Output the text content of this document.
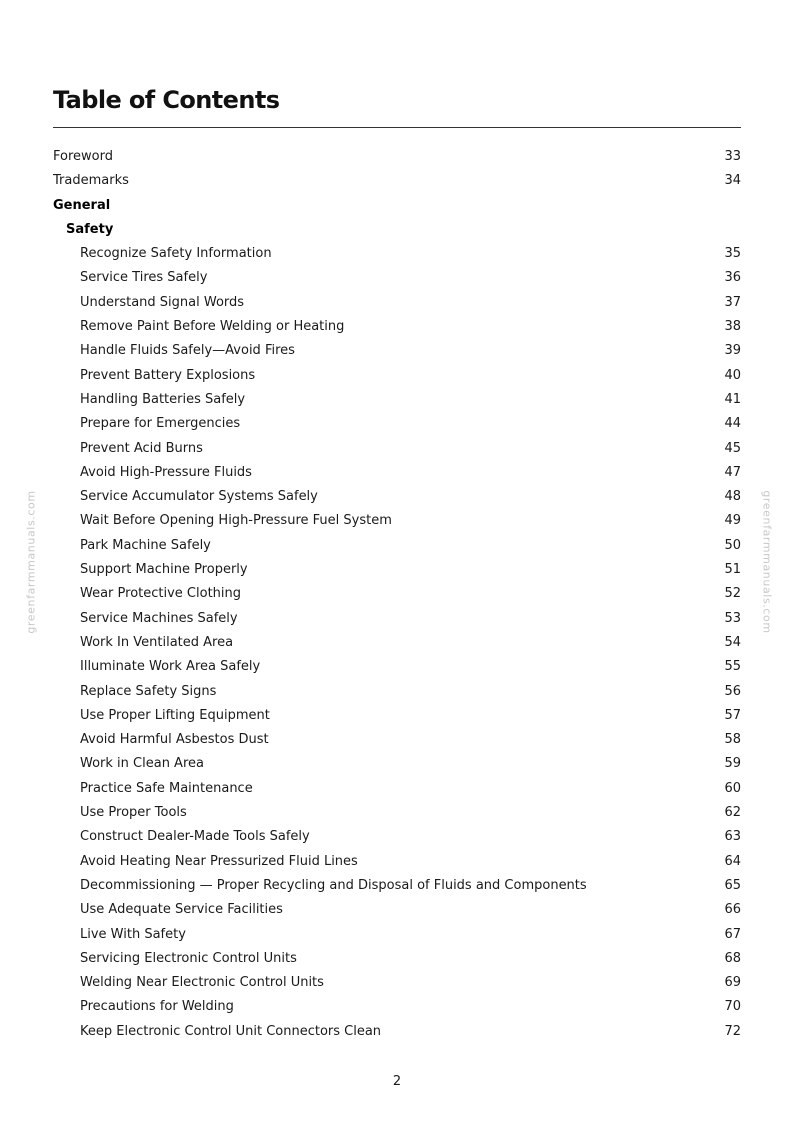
Table of Contents
greenfarmmanuals.com	greenfarmmanuals.com
Foreword	33
Trademarks	34
General
Safety
Recognize Safety Information	35
Service Tires Safely	36
Understand Signal Words	37
Remove Paint Before Welding or Heating	38
Handle Fluids Safely—Avoid Fires	39
Prevent Battery Explosions	40
Handling Batteries Safely	41
Prepare for Emergencies	44
Prevent Acid Burns	45
Avoid High-Pressure Fluids	47
Service Accumulator Systems Safely	48
Wait Before Opening High-Pressure Fuel System	49
Park Machine Safely	50
Support Machine Properly	51
Wear Protective Clothing	52
Service Machines Safely	53
Work In Ventilated Area	54
Illuminate Work Area Safely	55
Replace Safety Signs	56
Use Proper Lifting Equipment	57
Avoid Harmful Asbestos Dust	58
Work in Clean Area	59
Practice Safe Maintenance	60
Use Proper Tools	62
Construct Dealer-Made Tools Safely	63
Avoid Heating Near Pressurized Fluid Lines	64
Decommissioning — Proper Recycling and Disposal of Fluids and Components	65
Use Adequate Service Facilities	66
Live With Safety	67
Servicing Electronic Control Units	68
Welding Near Electronic Control Units	69
Precautions for Welding	70
Keep Electronic Control Unit Connectors Clean	72
2
